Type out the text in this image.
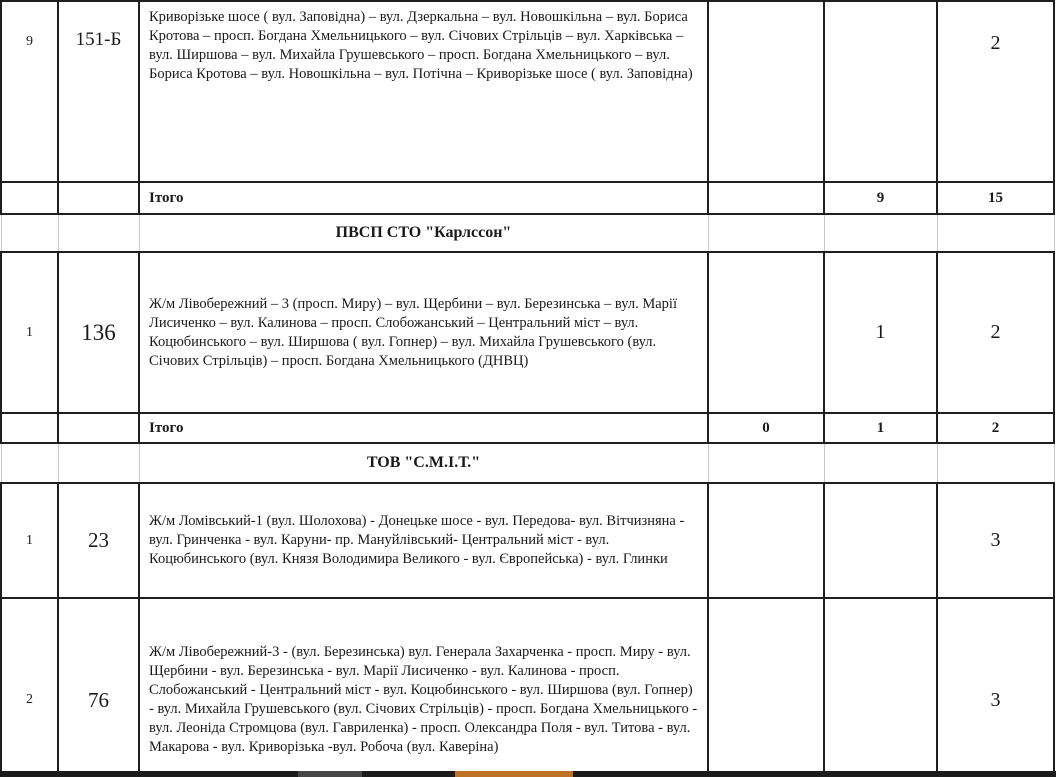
9	151-Б	Криворізьке шосе ( вул. Заповідна) – вул. Дзеркальна – вул. Новошкільна – вул. Бориса Кротова – просп. Богдана Хмельницького – вул. Січових Стрільців – вул. Харківська – вул. Ширшова – вул. Михайла Грушевського – просп. Богдана Хмельницького – вул. Бориса Кротова – вул. Новошкільна – вул. Потічна – Криворізьке шосе ( вул. Заповідна)			2

		Ітого		9	15

		ПВСП СТО "Карлссон"			

1	136	Ж/м Лівобережний – 3 (просп. Миру) – вул. Щербини – вул. Березинська – вул. Марії Лисиченко – вул. Калинова – просп. Слобожанський – Центральний міст – вул. Коцюбинського – вул. Ширшова ( вул. Гопнер) – вул. Михайла Грушевського (вул. Січових Стрільців) – просп. Богдана Хмельницького (ДНВЦ)		1	2

		Ітого	0	1	2

		ТОВ "С.М.І.Т."			

1	23	Ж/м Ломівський-1 (вул. Шолохова) - Донецьке шосе - вул. Передова- вул. Вітчизняна - вул. Гринченка - вул. Каруни- пр. Мануйлівський- Центральний міст - вул. Коцюбинського (вул. Князя Володимира Великого - вул. Європейська) - вул. Глинки			3
2	76	Ж/м Лівобережний-3 - (вул. Березинська) вул. Генерала Захарченка - просп. Миру - вул. Щербини - вул. Березинська - вул. Марії Лисиченко - вул. Калинова - просп. Слобожанський - Центральний міст - вул. Коцюбинського - вул. Ширшова (вул. Гопнер) - вул. Михайла Грушевського (вул. Січових Стрільців) - просп. Богдана Хмельницького - вул. Леоніда Стромцова (вул. Гавриленка) - просп. Олександра Поля - вул. Титова - вул. Макарова - вул. Криворізька -вул. Робоча (вул. Каверіна)			3
